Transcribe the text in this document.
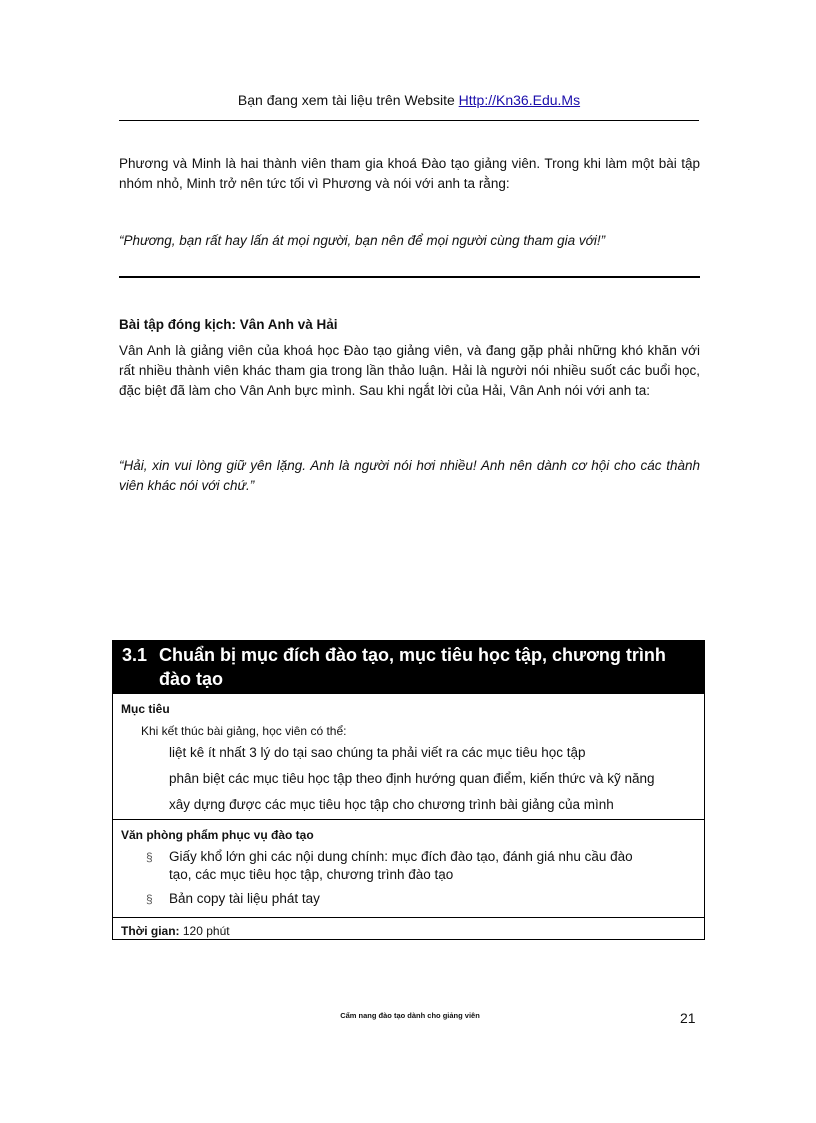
Bạn đang xem tài liệu trên Website Http://Kn36.Edu.Ms
Phương và Minh là hai thành viên tham gia khoá Đào tạo giảng viên. Trong khi làm một bài tập nhóm nhỏ, Minh trở nên tức tối vì Phương và nói với anh ta rằng:
“Phương, bạn rất hay lấn át mọi người, bạn nên để mọi người cùng tham gia với!”
Bài tập đóng kịch: Vân Anh và Hải
Vân Anh là giảng viên của khoá học Đào tạo giảng viên, và đang gặp phải những khó khăn với rất nhiều thành viên khác tham gia trong lần thảo luận. Hải là người nói nhiều suốt các buổi học, đặc biệt đã làm cho Vân Anh bực mình. Sau khi ngắt lời của Hải, Vân Anh nói với anh ta:
“Hải, xin vui lòng giữ yên lặng. Anh là người nói hơi nhiều! Anh nên dành cơ hội cho các thành viên khác nói với chứ.”
3.1 Chuẩn bị mục đích đào tạo, mục tiêu học tập, chương trình đào tạo
Mục tiêu
Khi kết thúc bài giảng, học viên có thể:
liệt kê ít nhất 3 lý do tại sao chúng ta phải viết ra các mục tiêu học tập
phân biệt các mục tiêu học tập theo định hướng quan điểm, kiến thức và kỹ năng
xây dựng được các mục tiêu học tập cho chương trình bài giảng của mình
Văn phòng phẩm phục vụ đào tạo
§ Giấy khổ lớn ghi các nội dung chính: mục đích đào tạo, đánh giá nhu cầu đào tạo, các mục tiêu học tập, chương trình đào tạo
§ Bản copy tài liệu phát tay
Thời gian: 120 phút
Cẩm nang đào tạo dành cho giảng viên	21
